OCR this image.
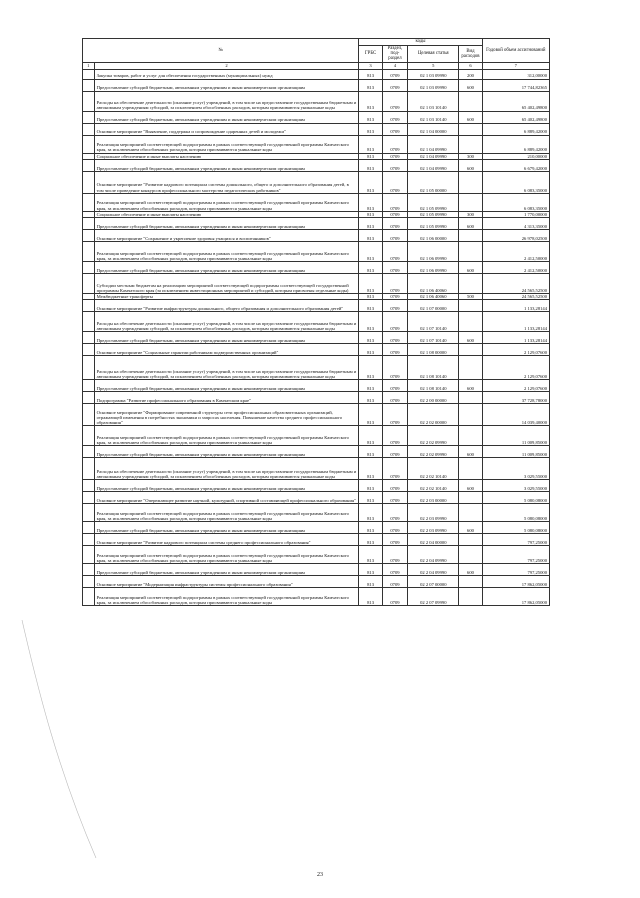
№		коды				Годовой объем ассигнований
		ГРБС	Раздел, под-раздел	Целевая статья	Вид расходов	
1	2	3	4	5	6	7
	Закупка товаров, работ и услуг для обеспечения государственных (муниципальных) нужд	813	0709	02 1 03 09990	200	312,00000
	Предоставление субсидий бюджетным, автономным учреждениям и иным некоммерческим организациям	813	0709	02 1 03 09990	600	17 744,82365
	Расходы на обеспечение деятельности (оказание услуг) учреждений, в том числе на предоставление государственным бюджетным и автономным учреждениям субсидий, за исключением обособленных расходов, которым присваиваются уникальные коды	813	0709	02 1 03 10140		65 402,49800
	Предоставление субсидий бюджетным, автономным учреждениям и иным некоммерческим организациям	813	0709	02 1 03 10140	600	65 402,49800
	Основное мероприятие "Выявление, поддержка и сопровождение одаренных детей и молодежи"	813	0709	02 1 04 00000		6 889,42000
	Реализация мероприятий соответствующей подпрограммы в рамках соответствующей государственной программы Камчатского края, за исключением обособленных расходов, которым присваиваются уникальные коды	813	0709	02 1 04 09990		6 889,42000
	Социальное обеспечение и иные выплаты населению	813	0709	02 1 04 09990	300	210,00000
	Предоставление субсидий бюджетным, автономным учреждениям и иным некоммерческим организациям	813	0709	02 1 04 09990	600	6 679,42000
	Основное мероприятие "Развитие кадрового потенциала системы дошкольного, общего и дополнительного образования детей, в том числе проведение конкурсов профессионального мастерства педагогических работников"	813	0709	02 1 05 00000		6 083,35000
	Реализация мероприятий соответствующей подпрограммы в рамках соответствующей государственной программы Камчатского края, за исключением обособленных расходов, которым присваиваются уникальные коды	813	0709	02 1 05 09990		6 083,35000
	Социальное обеспечение и иные выплаты населению	813	0709	02 1 05 09990	300	1 770,00000
	Предоставление субсидий бюджетным, автономным учреждениям и иным некоммерческим организациям	813	0709	02 1 05 09990	600	4 313,35000
	Основное мероприятие "Сохранение и укрепление здоровья учащихся и воспитанников"	813	0709	02 1 06 00000		26 978,02500
	Реализация мероприятий соответствующей подпрограммы в рамках соответствующей государственной программы Камчатского края, за исключением обособленных расходов, которым присваиваются уникальные коды	813	0709	02 1 06 09990		2 412,50000
	Предоставление субсидий бюджетным, автономным учреждениям и иным некоммерческим организациям	813	0709	02 1 06 09990	600	2 412,50000
	Субсидии местным бюджетам на реализацию мероприятий соответствующей подпрограммы соответствующей государственной программы Камчатского края (за исключением инвестиционных мероприятий и субсидий, которым присвоены отдельные коды)	813	0709	02 1 06 40060		24 565,52500
	Межбюджетные трансферты	813	0709	02 1 06 40060	500	24 565,52500
	Основное мероприятие "Развитие инфраструктуры дошкольного, общего образования и дополнительного образования детей"	813	0709	02 1 07 00000		1 133,28144
	Расходы на обеспечение деятельности (оказание услуг) учреждений, в том числе на предоставление государственным бюджетным и автономным учреждениям субсидий, за исключением обособленных расходов, которым присваиваются уникальные коды	813	0709	02 1 07 10140		1 133,28144
	Предоставление субсидий бюджетным, автономным учреждениям и иным некоммерческим организациям	813	0709	02 1 07 10140	600	1 133,28144
	Основное мероприятие "Социальные гарантии работникам подведомственных организаций"	813	0709	02 1 08 00000		2 129,07600
	Расходы на обеспечение деятельности (оказание услуг) учреждений, в том числе на предоставление государственным бюджетным и автономным учреждениям субсидий, за исключением обособленных расходов, которым присваиваются уникальные коды	813	0709	02 1 08 10140		2 129,07600
	Предоставление субсидий бюджетным, автономным учреждениям и иным некоммерческим организациям	813	0709	02 1 08 10140	600	2 129,07600
	Подпрограмма "Развитие профессионального образования в Камчатском крае"	813	0709	02 2 00 00000		37 728,78000
	Основное мероприятие "Формирование современной структуры сети профессиональных образовательных организаций, отражающей изменения в потребностях экономики и запросах населения. Повышение качества среднего профессионального образования"	813	0709	02 2 02 00000		14 039,40000
	Реализация мероприятий соответствующей подпрограммы в рамках соответствующей государственной программы Камчатского края, за исключением обособленных расходов, которым присваиваются уникальные коды	813	0709	02 2 02 09990		11 009,85000
	Предоставление субсидий бюджетным, автономным учреждениям и иным некоммерческим организациям	813	0709	02 2 02 09990	600	11 009,85000
	Расходы на обеспечение деятельности (оказание услуг) учреждений, в том числе на предоставление государственным бюджетным и автономным учреждениям субсидий, за исключением обособленных расходов, которым присваиваются уникальные коды	813	0709	02 2 02 10140		3 029,55000
	Предоставление субсидий бюджетным, автономным учреждениям и иным некоммерческим организациям	813	0709	02 2 02 10140	600	3 029,55000
	Основное мероприятие "Опережающее развитие научной, культурной, спортивной составляющей профессионального образования"	813	0709	02 2 03 00000		5 080,08000
	Реализация мероприятий соответствующей подпрограммы в рамках соответствующей государственной программы Камчатского края, за исключением обособленных расходов, которым присваиваются уникальные коды	813	0709	02 2 03 09990		5 080,08000
	Предоставление субсидий бюджетным, автономным учреждениям и иным некоммерческим организациям	813	0709	02 2 03 09990	600	5 080,08000
	Основное мероприятие "Развитие кадрового потенциала системы среднего профессионального образования"	813	0709	02 2 04 00000		797,25000
	Реализация мероприятий соответствующей подпрограммы в рамках соответствующей государственной программы Камчатского края, за исключением обособленных расходов, которым присваиваются уникальные коды	813	0709	02 2 04 09990		797,25000
	Предоставление субсидий бюджетным, автономным учреждениям и иным некоммерческим организациям	813	0709	02 2 04 09990	600	797,25000
	Основное мероприятие "Модернизация инфраструктуры системы профессионального образования"	813	0709	02 2 07 00000		17 862,05000
	Реализация мероприятий соответствующей подпрограммы в рамках соответствующей государственной программы Камчатского края, за исключением обособленных расходов, которым присваиваются уникальные коды	813	0709	02 2 07 09990		17 862,05000
23
